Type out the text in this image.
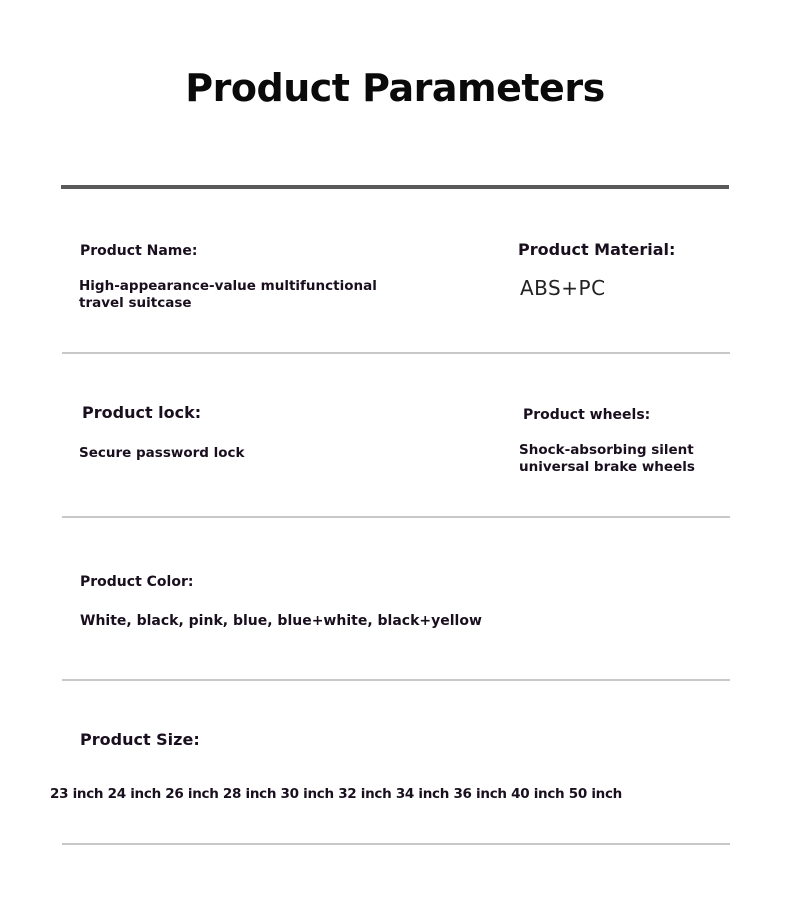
Product Parameters
Product Name:
High-appearance-value multifunctional
travel suitcase
Product Material:
ABS+PC
Product lock:
Secure password lock
Product wheels:
Shock-absorbing silent
universal brake wheels
Product Color:
White, black, pink, blue, blue+white, black+yellow
Product Size:
23 inch 24 inch 26 inch 28 inch 30 inch 32 inch 34 inch 36 inch 40 inch 50 inch
